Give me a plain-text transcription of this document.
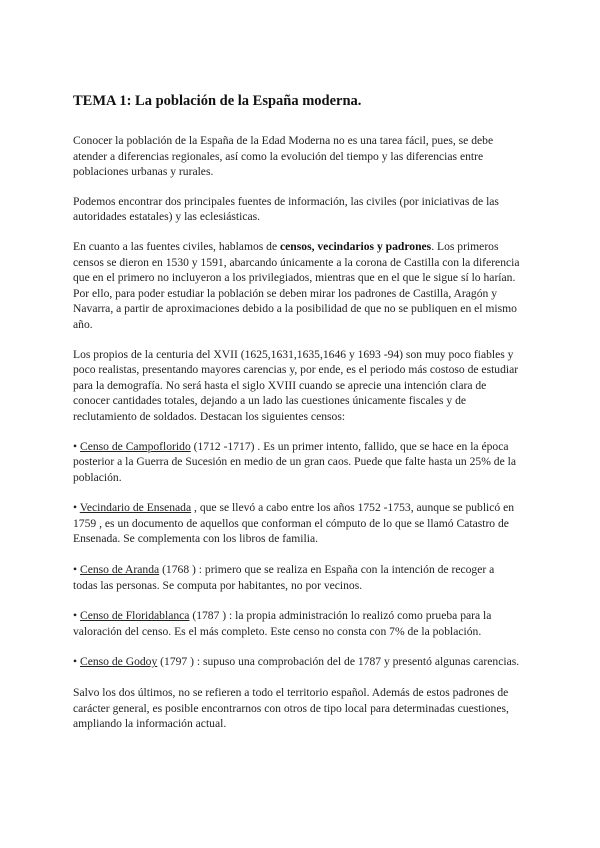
TEMA 1: La población de la España moderna.

Conocer la población de la España de la Edad Moderna no es una tarea fácil, pues, se debe atender a diferencias regionales, así como la evolución del tiempo y las diferencias entre poblaciones urbanas y rurales.

Podemos encontrar dos principales fuentes de información, las civiles (por iniciativas de las autoridades estatales) y las eclesiásticas.

En cuanto a las fuentes civiles, hablamos de censos, vecindarios y padrones. Los primeros censos se dieron en 1530 y 1591, abarcando únicamente a la corona de Castilla con la diferencia que en el primero no incluyeron a los privilegiados, mientras que en el que le sigue sí lo harían. Por ello, para poder estudiar la población se deben mirar los padrones de Castilla, Aragón y Navarra, a partir de aproximaciones debido a la posibilidad de que no se publiquen en el mismo año.

Los propios de la centuria del XVII (1625,1631,1635,1646 y 1693 -94) son muy poco fiables y poco realistas, presentando mayores carencias y, por ende, es el periodo más costoso de estudiar para la demografía. No será hasta el siglo XVIII cuando se aprecie una intención clara de conocer cantidades totales, dejando a un lado las cuestiones únicamente fiscales y de reclutamiento de soldados. Destacan los siguientes censos:

• Censo de Campoflorido (1712 -1717) . Es un primer intento, fallido, que se hace en la época posterior a la Guerra de Sucesión en medio de un gran caos. Puede que falte hasta un 25% de la población.

• Vecindario de Ensenada , que se llevó a cabo entre los años 1752 -1753, aunque se publicó en 1759 , es un documento de aquellos que conforman el cómputo de lo que se llamó Catastro de Ensenada. Se complementa con los libros de familia.

• Censo de Aranda (1768 ) : primero que se realiza en España con la intención de recoger a todas las personas. Se computa por habitantes, no por vecinos.

• Censo de Floridablanca (1787 ) : la propia administración lo realizó como prueba para la valoración del censo. Es el más completo. Este censo no consta con 7% de la población.

• Censo de Godoy (1797 ) : supuso una comprobación del de 1787 y presentó algunas carencias.

Salvo los dos últimos, no se refieren a todo el territorio español. Además de estos padrones de carácter general, es posible encontrarnos con otros de tipo local para determinadas cuestiones, ampliando la información actual.
